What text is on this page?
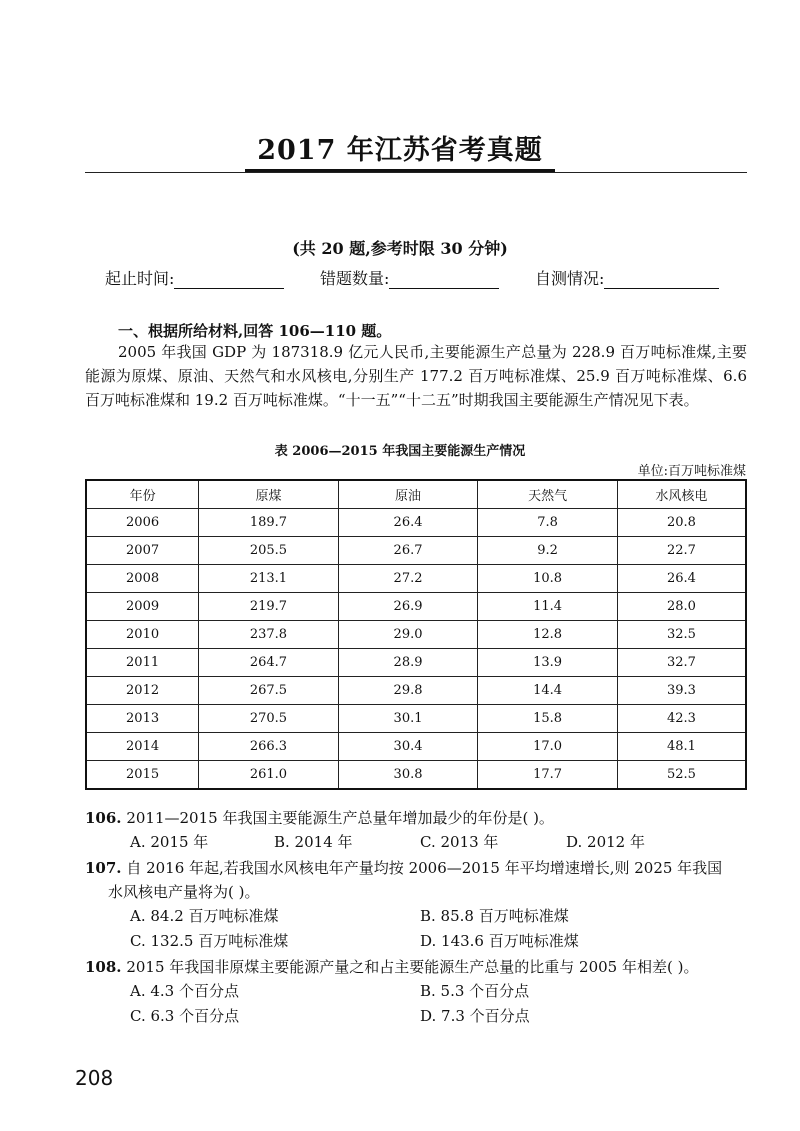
2017 年江苏省考真题
(共 20 题,参考时限 30 分钟)
起止时间:	错题数量:	自测情况:
一、根据所给材料,回答 106—110 题。
2005 年我国 GDP 为 187318.9 亿元人民币,主要能源生产总量为 228.9 百万吨标准煤,主要能源为原煤、原油、天然气和水风核电,分别生产 177.2 百万吨标准煤、25.9 百万吨标准煤、6.6 百万吨标准煤和 19.2 百万吨标准煤。“十一五”“十二五”时期我国主要能源生产情况见下表。
表 2006—2015 年我国主要能源生产情况
单位:百万吨标准煤
年份	原煤	原油	天然气	水风核电
2006	189.7	26.4	7.8	20.8
2007	205.5	26.7	9.2	22.7
2008	213.1	27.2	10.8	26.4
2009	219.7	26.9	11.4	28.0
2010	237.8	29.0	12.8	32.5
2011	264.7	28.9	13.9	32.7
2012	267.5	29.8	14.4	39.3
2013	270.5	30.1	15.8	42.3
2014	266.3	30.4	17.0	48.1
2015	261.0	30.8	17.7	52.5
106. 2011—2015 年我国主要能源生产总量年增加最少的年份是( )。
A. 2015 年	B. 2014 年	C. 2013 年	D. 2012 年
107. 自 2016 年起,若我国水风核电年产量均按 2006—2015 年平均增速增长,则 2025 年我国
水风核电产量将为( )。
A. 84.2 百万吨标准煤	B. 85.8 百万吨标准煤
C. 132.5 百万吨标准煤	D. 143.6 百万吨标准煤
108. 2015 年我国非原煤主要能源产量之和占主要能源生产总量的比重与 2005 年相差( )。
A. 4.3 个百分点	B. 5.3 个百分点
C. 6.3 个百分点	D. 7.3 个百分点
208
